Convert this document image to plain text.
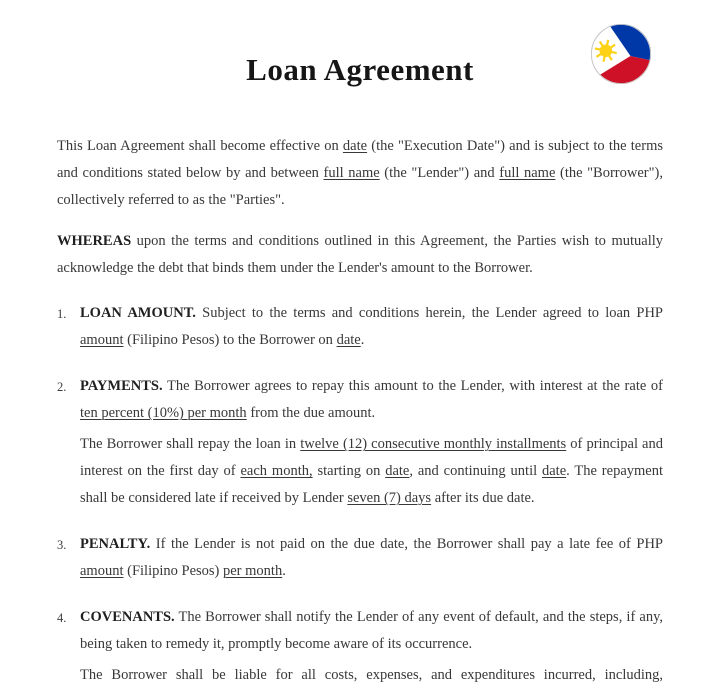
Loan Agreement

This Loan Agreement shall become effective on date (the "Execution Date") and is subject to the terms and conditions stated below by and between full name (the "Lender") and full name (the "Borrower"), collectively referred to as the "Parties".

WHEREAS upon the terms and conditions outlined in this Agreement, the Parties wish to mutually acknowledge the debt that binds them under the Lender's amount to the Borrower.

1. LOAN AMOUNT. Subject to the terms and conditions herein, the Lender agreed to loan PHP amount (Filipino Pesos) to the Borrower on date.

2. PAYMENTS. The Borrower agrees to repay this amount to the Lender, with interest at the rate of ten percent (10%) per month from the due amount.

The Borrower shall repay the loan in twelve (12) consecutive monthly installments of principal and interest on the first day of each month, starting on date, and continuing until date. The repayment shall be considered late if received by Lender seven (7) days after its due date.

3. PENALTY. If the Lender is not paid on the due date, the Borrower shall pay a late fee of PHP amount (Filipino Pesos) per month.

4. COVENANTS. The Borrower shall notify the Lender of any event of default, and the steps, if any, being taken to remedy it, promptly become aware of its occurrence.

The Borrower shall be liable for all costs, expenses, and expenditures incurred, including,
